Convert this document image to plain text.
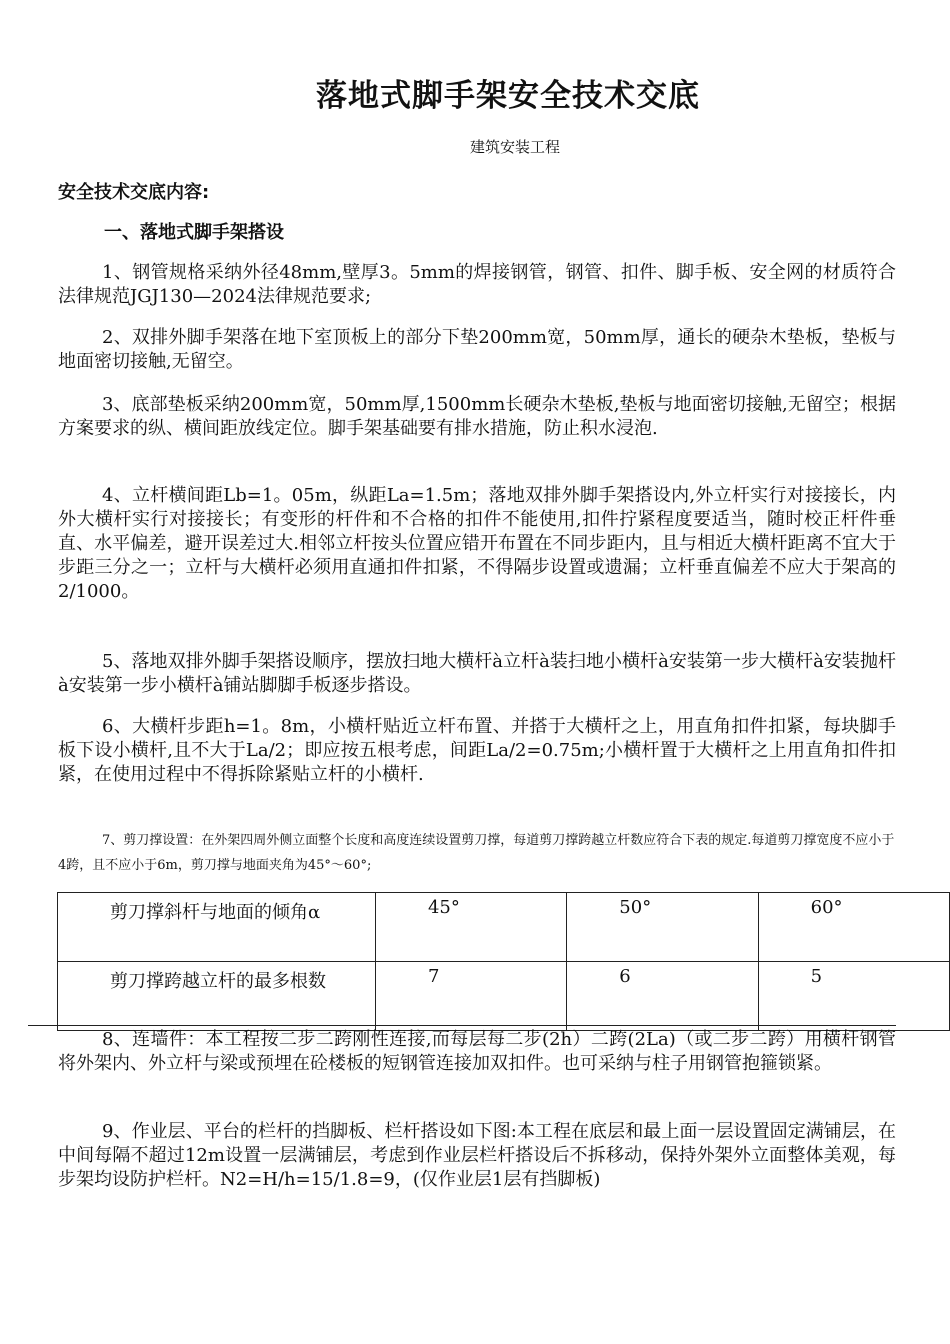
落地式脚手架安全技术交底
建筑安装工程
安全技术交底内容:
一、落地式脚手架搭设

1、钢管规格采纳外径48mm,壁厚3。5mm的焊接钢管，钢管、扣件、脚手板、安全网的材质符合法律规范JGJ130—2024法律规范要求;

2、双排外脚手架落在地下室顶板上的部分下垫200mm宽，50mm厚，通长的硬杂木垫板，垫板与地面密切接触,无留空。

3、底部垫板采纳200mm宽，50mm厚,1500mm长硬杂木垫板,垫板与地面密切接触,无留空；根据方案要求的纵、横间距放线定位。脚手架基础要有排水措施，防止积水浸泡.

4、立杆横间距Lb=1。05m，纵距La=1.5m；落地双排外脚手架搭设内,外立杆实行对接接长，内外大横杆实行对接接长；有变形的杆件和不合格的扣件不能使用,扣件拧紧程度要适当，随时校正杆件垂直、水平偏差，避开误差过大.相邻立杆按头位置应错开布置在不同步距内，且与相近大横杆距离不宜大于步距三分之一；立杆与大横杆必须用直通扣件扣紧，不得隔步设置或遗漏；立杆垂直偏差不应大于架高的2/1000。

5、落地双排外脚手架搭设顺序，摆放扫地大横杆à立杆à装扫地小横杆à安装第一步大横杆à安装抛杆à安装第一步小横杆à铺站脚脚手板逐步搭设。

6、大横杆步距h=1。8m，小横杆贴近立杆布置、并搭于大横杆之上，用直角扣件扣紧，每块脚手板下设小横杆,且不大于La/2；即应按五根考虑，间距La/2=0.75m;小横杆置于大横杆之上用直角扣件扣紧，在使用过程中不得拆除紧贴立杆的小横杆.

7、剪刀撑设置：在外架四周外侧立面整个长度和高度连续设置剪刀撑，每道剪刀撑跨越立杆数应符合下表的规定.每道剪刀撑宽度不应小于4跨，且不应小于6m，剪刀撑与地面夹角为45°～60°;

剪刀撑斜杆与地面的倾角α	45°	50°	60°
剪刀撑跨越立杆的最多根数	7	6	5

8、连墙件：本工程按二步二跨刚性连接,而每层每二步(2h）二跨(2La)（或二步二跨）用横杆钢管将外架内、外立杆与梁或预埋在砼楼板的短钢管连接加双扣件。也可采纳与柱子用钢管抱箍锁紧。

9、作业层、平台的栏杆的挡脚板、栏杆搭设如下图:本工程在底层和最上面一层设置固定满铺层，在中间每隔不超过12m设置一层满铺层，考虑到作业层栏杆搭设后不拆移动，保持外架外立面整体美观，每步架均设防护栏杆。N2=H/h=15/1.8=9，(仅作业层1层有挡脚板)
